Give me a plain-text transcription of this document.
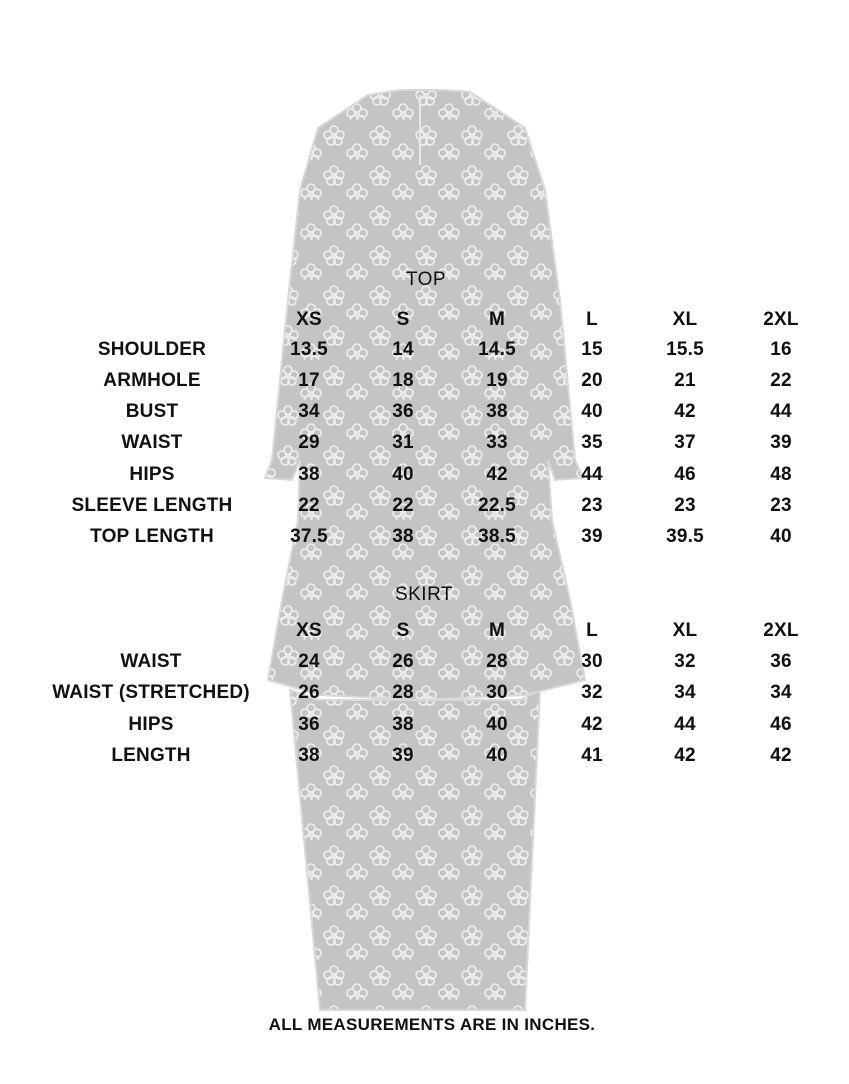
TOP
XS	S	M	L	XL	2XL
SHOULDER	13.5	14	14.5	15	15.5	16
ARMHOLE	17	18	19	20	21	22
BUST	34	36	38	40	42	44
WAIST	29	31	33	35	37	39
HIPS	38	40	42	44	46	48
SLEEVE LENGTH	22	22	22.5	23	23	23
TOP LENGTH	37.5	38	38.5	39	39.5	40
SKIRT
XS	S	M	L	XL	2XL
WAIST	24	26	28	30	32	36
WAIST (STRETCHED)	26	28	30	32	34	34
HIPS	36	38	40	42	44	46
LENGTH	38	39	40	41	42	42
ALL MEASUREMENTS ARE IN INCHES.
